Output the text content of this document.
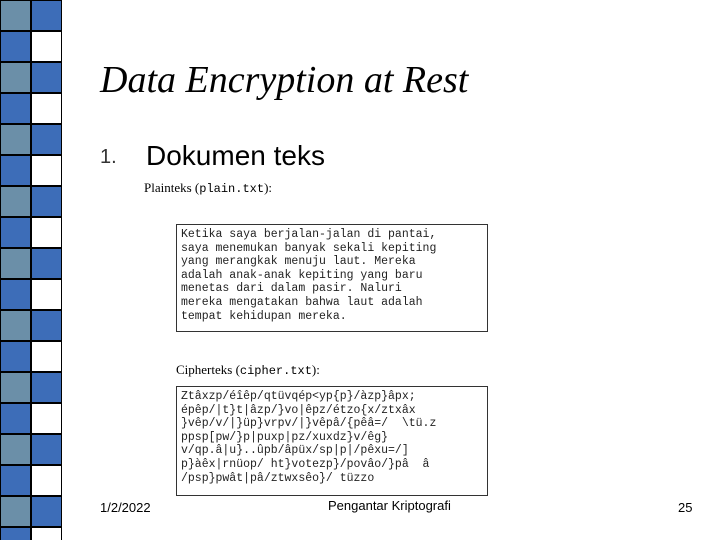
Data Encryption at Rest
1. Dokumen teks
Plainteks (plain.txt):
Ketika saya berjalan-jalan di pantai,
saya menemukan banyak sekali kepiting
yang merangkak menuju laut. Mereka
adalah anak-anak kepiting yang baru
menetas dari dalam pasir. Naluri
mereka mengatakan bahwa laut adalah
tempat kehidupan mereka.
Cipherteks (cipher.txt):
Ztâxzp/éîêp/qtüvqép<yp{p}/àzp}âpx;
épêp/|t}t|âzp/}vo|êpz/étzo{x/ztxâx
}vêp/v/|}üp}vrpv/|}vêpâ/{pêâ=/  \tü.z
ppsp[pw/}p|puxp|pz/xuxdz}v/êg}
v/qp.â|u}..ûpb/âpüx/sp|p|/pêxu=/]
p}àêx|rnüop/ ht}votezp}/povâo/}pâ  â
/psp}pwât|pâ/ztwxsêo}/ tüzzo
1/2/2022	Pengantar Kriptografi	25
